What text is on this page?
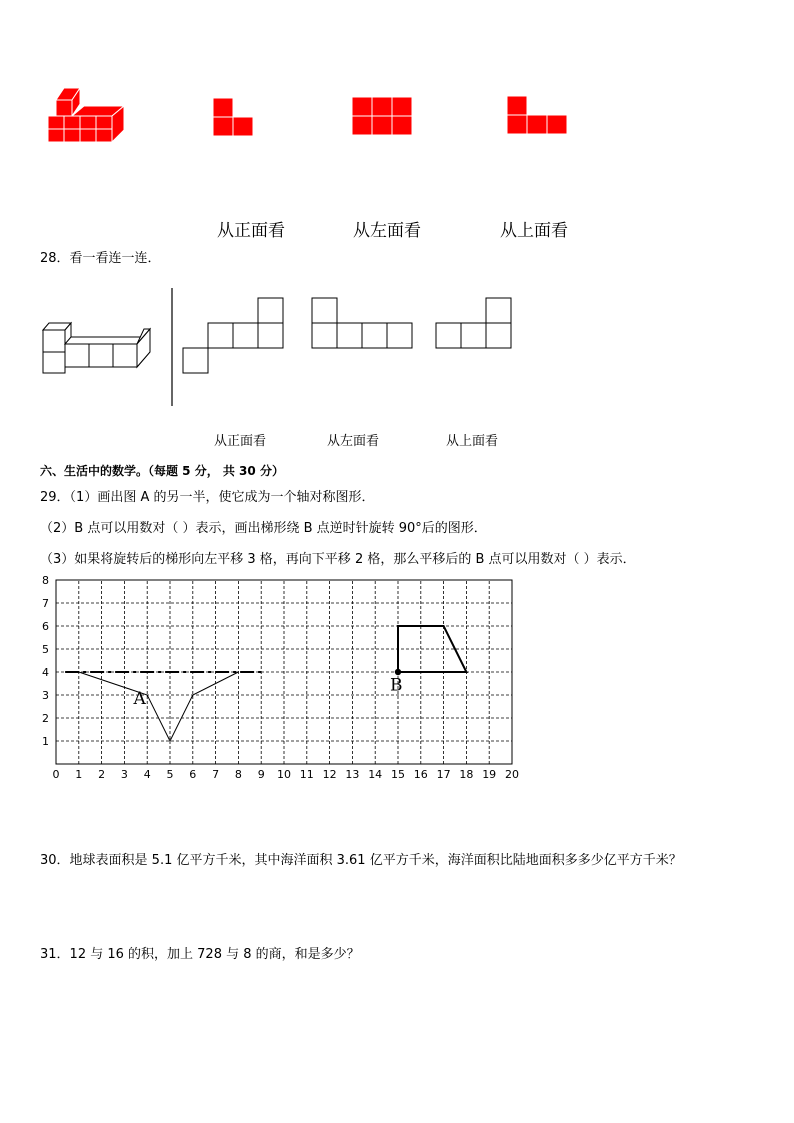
从正面看	从左面看	从上面看
28．看一看连一连．
从正面看	从左面看	从上面看
六、生活中的数学。（每题 5 分， 共 30 分）
29．（1）画出图 A 的另一半，使它成为一个轴对称图形．
（2）B 点可以用数对（ ）表示，画出梯形绕 B 点逆时针旋转 90°后的图形．
（3）如果将旋转后的梯形向左平移 3 格，再向下平移 2 格，那么平移后的 B 点可以用数对（ ）表示．
A
B
0 1 2 3 4 5 6 7 8 9 10 11 12 13 14 15 16 17 18 19 20
1
2
3
4
5
6
7
8
30．地球表面积是 5.1 亿平方千米，其中海洋面积 3.61 亿平方千米，海洋面积比陆地面积多多少亿平方千米？
31．12 与 16 的积，加上 728 与 8 的商，和是多少？
